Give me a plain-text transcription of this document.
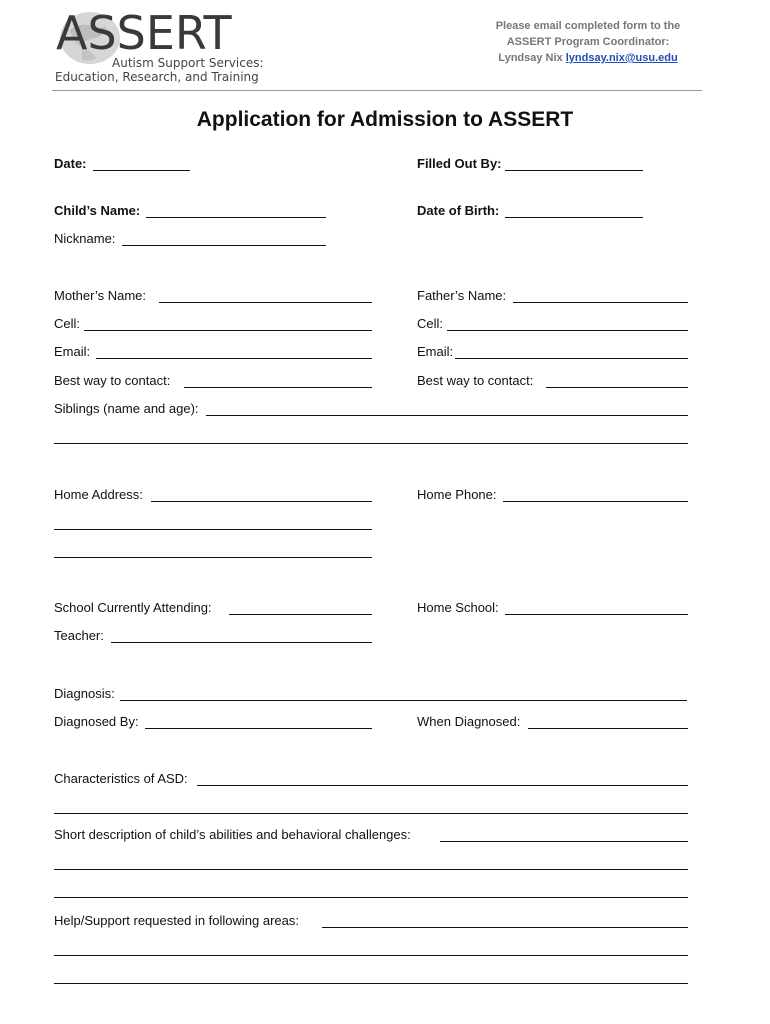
ASSERT
Autism Support Services:
Education, Research, and Training
Please email completed form to the
ASSERT Program Coordinator:
Lyndsay Nix lyndsay.nix@usu.edu
Application for Admission to ASSERT
Date:	Filled Out By:
Child’s Name:	Date of Birth:
Nickname:
Mother’s Name:	Father’s Name:
Cell:	Cell:
Email:	Email:
Best way to contact:	Best way to contact:
Siblings (name and age):
Home Address:	Home Phone:
School Currently Attending:	Home School:
Teacher:
Diagnosis:
Diagnosed By:	When Diagnosed:
Characteristics of ASD:
Short description of child’s abilities and behavioral challenges:
Help/Support requested in following areas:
